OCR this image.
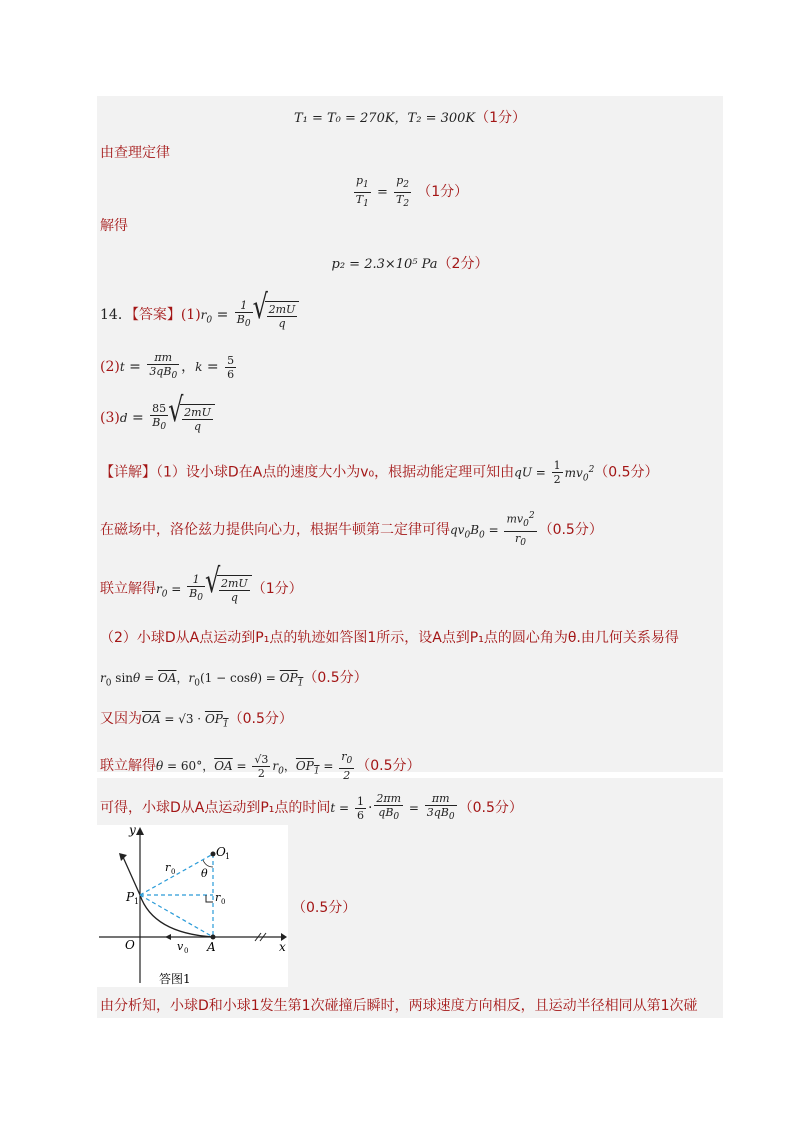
T₁ = T₀ = 270K，T₂ = 300K（1分）
由查理定律
$\frac{p_1}{T_1} = \frac{p_2}{T_2} (1$分）
解得
p₂ = 2.3×10⁵ Pa（2分）
14．【答案】$(1)r_0 = \frac{1}{B_0}$ √ $\frac{2mU}{q}$
$(2)t = \frac{\pi m}{3qB_0}$ ，$k = \frac{5}{6}$
$(3)d = \frac{85}{B_0}$ √ $\frac{2mU}{q}$
【详解】（1）设小球D在A点的速度大小为v₀，根据动能定理可知由qU = $\frac{1}{2} mv_0^2(0.5$分）
在磁场中，洛伦兹力提供向心力，根据牛顿第二定律可得$qv_0B_0 = \frac{mv_0^2}{r_0} (0.5$分）
联立解得$r_0 = \frac{1}{B_0}$ √ $\frac{2mU}{q} (1$分）
（2）小球D从A点运动到P₁点的轨迹如答图1所示，设A点到P₁点的圆心角为θ.由几何关系易得
$r_0$ $\sin\theta = \overline{OA}$，$r_0(1 - \cos\theta) = OP_1(0.5$分）
又因为$\overline{OA} = √3 \cdot OP_1(0.5$分）
联立解得θ = 60°，$\overline{OA} = \frac{√3}{2} r_0$，$OP_1 = \frac{r_0}{2} (0.5$分）
可得，小球D从A点运动到P₁点的时间$t = \frac{1}{6} \cdot \frac{2\pi m}{qB_0} = \frac{\pi m}{3qB_0} (0.5$分）
y
x
O
O 1
θ
r 0
r 0
P 1
v 0 A
答图1
（0.5分）
由分析知，小球D和小球1发生第1次碰撞后瞬时，两球速度方向相反，且运动半径相同从第1次碰
